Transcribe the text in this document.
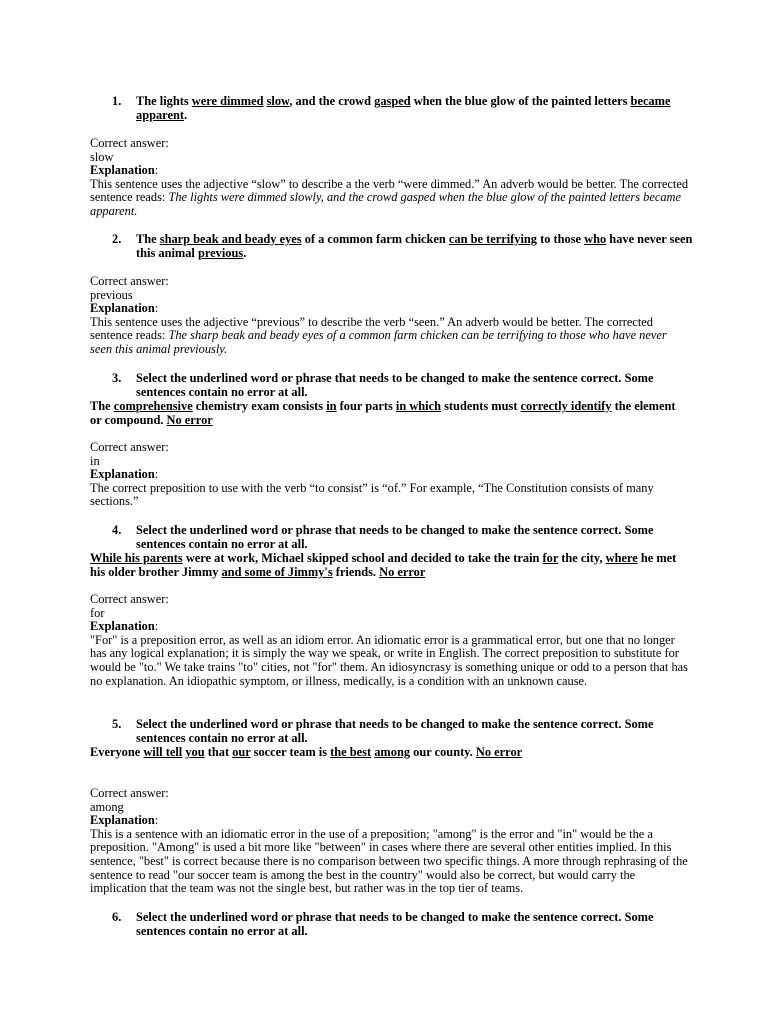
1. The lights were dimmed slow, and the crowd gasped when the blue glow of the painted letters became apparent.

Correct answer:

slow

Explanation:

This sentence uses the adjective “slow” to describe a the verb “were dimmed.” An adverb would be better. The corrected sentence reads: The lights were dimmed slowly, and the crowd gasped when the blue glow of the painted letters became apparent.

2. The sharp beak and beady eyes of a common farm chicken can be terrifying to those who have never seen this animal previous.

Correct answer:

previous

Explanation:

This sentence uses the adjective “previous” to describe the verb “seen.” An adverb would be better. The corrected sentence reads: The sharp beak and beady eyes of a common farm chicken can be terrifying to those who have never seen this animal previously.

3. Select the underlined word or phrase that needs to be changed to make the sentence correct. Some sentences contain no error at all.
The comprehensive chemistry exam consists in four parts in which students must correctly identify the element or compound. No error

Correct answer:

in

Explanation:

The correct preposition to use with the verb “to consist” is “of.” For example, “The Constitution consists of many sections.”

4. Select the underlined word or phrase that needs to be changed to make the sentence correct. Some sentences contain no error at all.
While his parents were at work, Michael skipped school and decided to take the train for the city, where he met his older brother Jimmy and some of Jimmy's friends. No error

Correct answer:

for

Explanation:

"For" is a preposition error, as well as an idiom error. An idiomatic error is a grammatical error, but one that no longer has any logical explanation; it is simply the way we speak, or write in English. The correct preposition to substitute for would be "to." We take trains "to" cities, not "for" them. An idiosyncrasy is something unique or odd to a person that has no explanation. An idiopathic symptom, or illness, medically, is a condition with an unknown cause.

5. Select the underlined word or phrase that needs to be changed to make the sentence correct. Some sentences contain no error at all.
Everyone will tell you that our soccer team is the best among our county. No error

Correct answer:

among

Explanation:

This is a sentence with an idiomatic error in the use of a preposition; "among" is the error and "in" would be the a preposition. "Among" is used a bit more like "between" in cases where there are several other entities implied. In this sentence, "best" is correct because there is no comparison between two specific things. A more through rephrasing of the sentence to read "our soccer team is among the best in the country" would also be correct, but would carry the implication that the team was not the single best, but rather was in the top tier of teams.

6. Select the underlined word or phrase that needs to be changed to make the sentence correct. Some sentences contain no error at all.
